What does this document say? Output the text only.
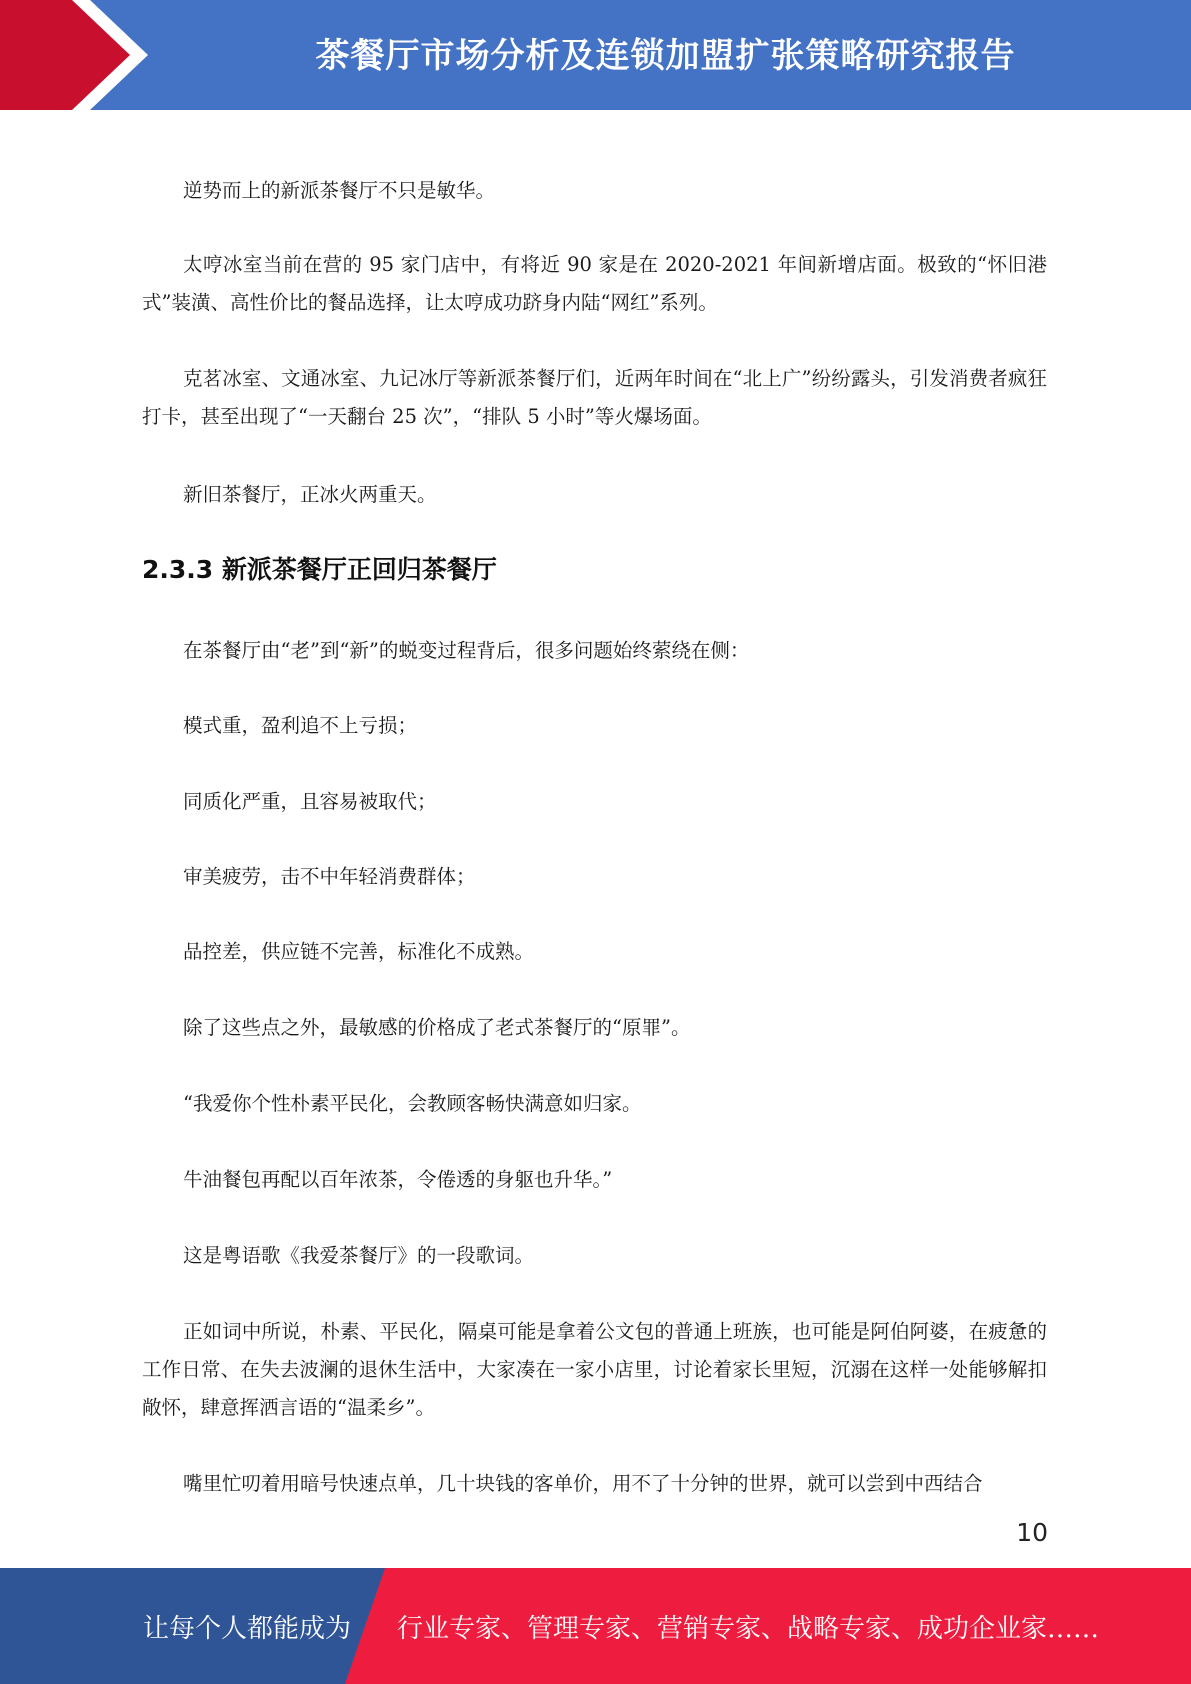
茶餐厅市场分析及连锁加盟扩张策略研究报告

逆势而上的新派茶餐厅不只是敏华。

太哼冰室当前在营的 95 家门店中，有将近 90 家是在 2020-2021 年间新增店面。极致的“怀旧港式”装潢、高性价比的餐品选择，让太哼成功跻身内陆“网红”系列。

克茗冰室、文通冰室、九记冰厅等新派茶餐厅们，近两年时间在“北上广”纷纷露头，引发消费者疯狂打卡，甚至出现了“一天翻台 25 次”，“排队 5 小时”等火爆场面。

新旧茶餐厅，正冰火两重天。

2.3.3 新派茶餐厅正回归茶餐厅

在茶餐厅由“老”到“新”的蜕变过程背后，很多问题始终萦绕在侧：

模式重，盈利追不上亏损；

同质化严重，且容易被取代；

审美疲劳，击不中年轻消费群体；

品控差，供应链不完善，标准化不成熟。

除了这些点之外，最敏感的价格成了老式茶餐厅的“原罪”。

“我爱你个性朴素平民化，会教顾客畅快满意如归家。

牛油餐包再配以百年浓茶，令倦透的身躯也升华。”

这是粤语歌《我爱茶餐厅》的一段歌词。

正如词中所说，朴素、平民化，隔桌可能是拿着公文包的普通上班族，也可能是阿伯阿婆，在疲惫的工作日常、在失去波澜的退休生活中，大家凑在一家小店里，讨论着家长里短，沉溺在这样一处能够解扣敞怀，肆意挥洒言语的“温柔乡”。

嘴里忙叨着用暗号快速点单，几十块钱的客单价，用不了十分钟的世界，就可以尝到中西结合

10
让每个人都能成为 行业专家、管理专家、营销专家、战略专家、成功企业家……
